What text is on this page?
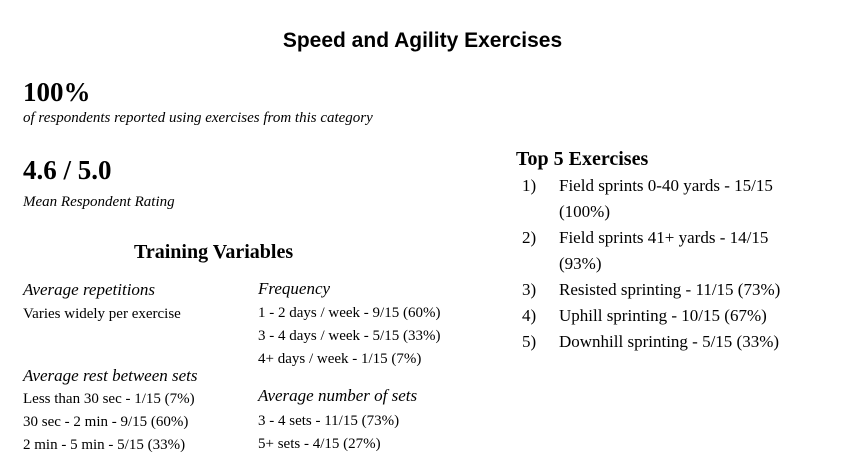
Speed and Agility Exercises
100%
of respondents reported using exercises from this category
4.6 / 5.0
Mean Respondent Rating
Training Variables
Average repetitions
Varies widely per exercise
Frequency
1 - 2 days / week - 9/15 (60%)
3 - 4 days / week - 5/15 (33%)
4+ days / week - 1/15 (7%)
Average rest between sets
Less than 30 sec - 1/15 (7%)
30 sec - 2 min - 9/15 (60%)
2 min - 5 min - 5/15 (33%)
Average number of sets
3 - 4 sets - 11/15 (73%)
5+ sets - 4/15 (27%)
Top 5 Exercises
1) Field sprints 0-40 yards - 15/15 (100%)
2) Field sprints 41+ yards - 14/15 (93%)
3) Resisted sprinting - 11/15 (73%)
4) Uphill sprinting - 10/15 (67%)
5) Downhill sprinting - 5/15 (33%)
